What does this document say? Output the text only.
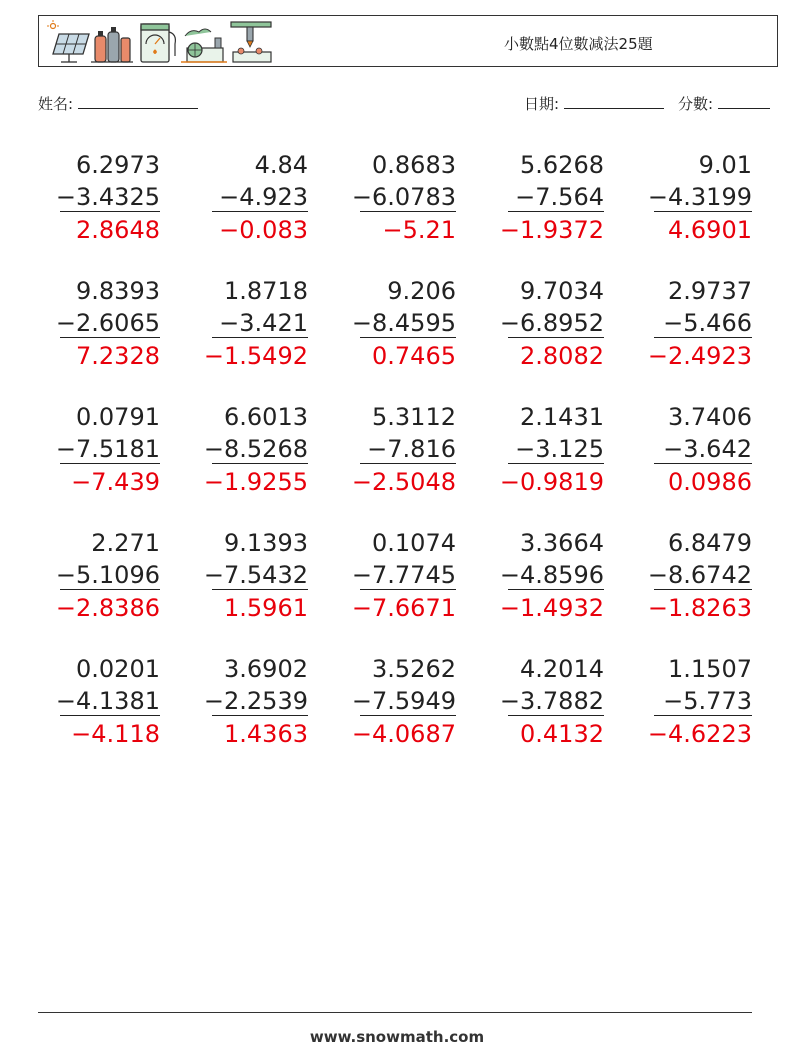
小數點4位數减法25題
姓名:	日期:	分數:
6.2973
−3.4325
2.8648
4.84
−4.923
−0.083
0.8683
−6.0783
−5.21
5.6268
−7.564
−1.9372
9.01
−4.3199
4.6901
9.8393
−2.6065
7.2328
1.8718
−3.421
−1.5492
9.206
−8.4595
0.7465
9.7034
−6.8952
2.8082
2.9737
−5.466
−2.4923
0.0791
−7.5181
−7.439
6.6013
−8.5268
−1.9255
5.3112
−7.816
−2.5048
2.1431
−3.125
−0.9819
3.7406
−3.642
0.0986
2.271
−5.1096
−2.8386
9.1393
−7.5432
1.5961
0.1074
−7.7745
−7.6671
3.3664
−4.8596
−1.4932
6.8479
−8.6742
−1.8263
0.0201
−4.1381
−4.118
3.6902
−2.2539
1.4363
3.5262
−7.5949
−4.0687
4.2014
−3.7882
0.4132
1.1507
−5.773
−4.6223
www.snowmath.com
